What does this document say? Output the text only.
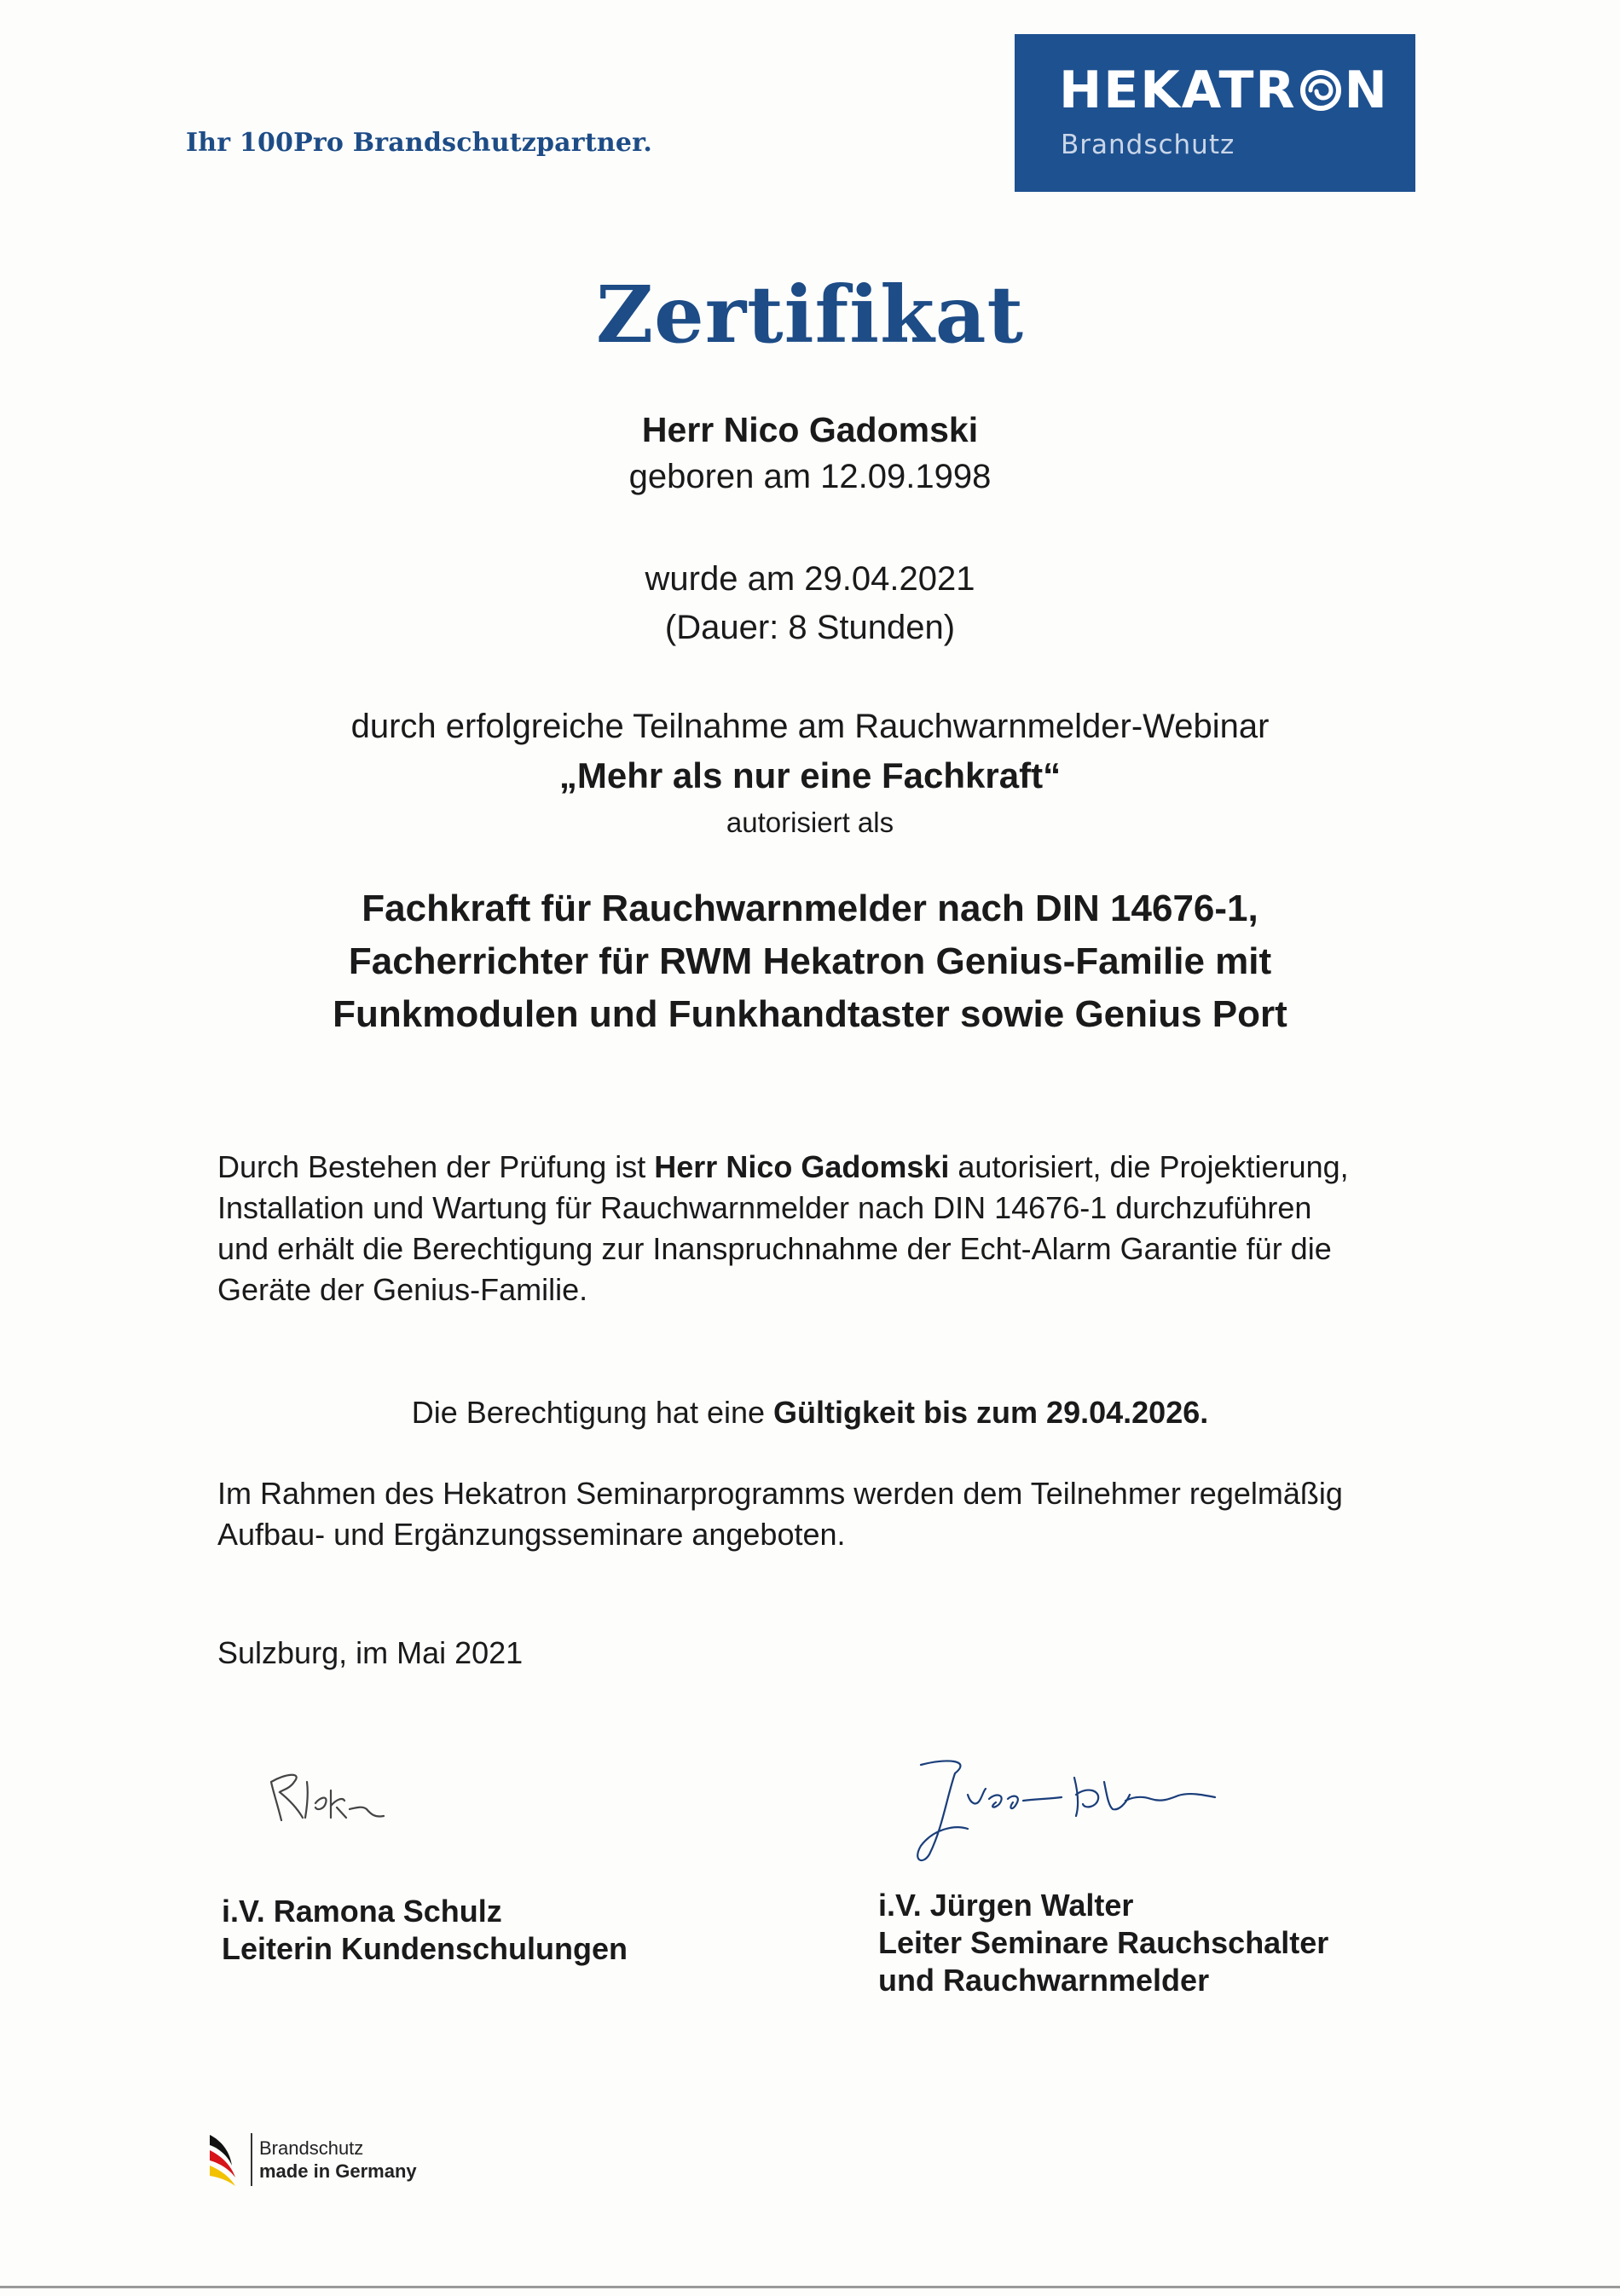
Ihr 100Pro Brandschutzpartner.
HEKATR N
Brandschutz
Zertifikat
Herr Nico Gadomski
geboren am 12.09.1998
wurde am 29.04.2021
(Dauer: 8 Stunden)
durch erfolgreiche Teilnahme am Rauchwarnmelder-Webinar
„Mehr als nur eine Fachkraft“
autorisiert als
Fachkraft für Rauchwarnmelder nach DIN 14676-1,
Facherrichter für RWM Hekatron Genius-Familie mit
Funkmodulen und Funkhandtaster sowie Genius Port
Durch Bestehen der Prüfung ist Herr Nico Gadomski autorisiert, die Projektierung,
Installation und Wartung für Rauchwarnmelder nach DIN 14676-1 durchzuführen
und erhält die Berechtigung zur Inanspruchnahme der Echt-Alarm Garantie für die
Geräte der Genius-Familie.
Die Berechtigung hat eine Gültigkeit bis zum 29.04.2026.
Im Rahmen des Hekatron Seminarprogramms werden dem Teilnehmer regelmäßig
Aufbau- und Ergänzungsseminare angeboten.
Sulzburg, im Mai 2021
i.V. Ramona Schulz
Leiterin Kundenschulungen
i.V. Jürgen Walter
Leiter Seminare Rauchschalter
und Rauchwarnmelder
Brandschutz
made in Germany
